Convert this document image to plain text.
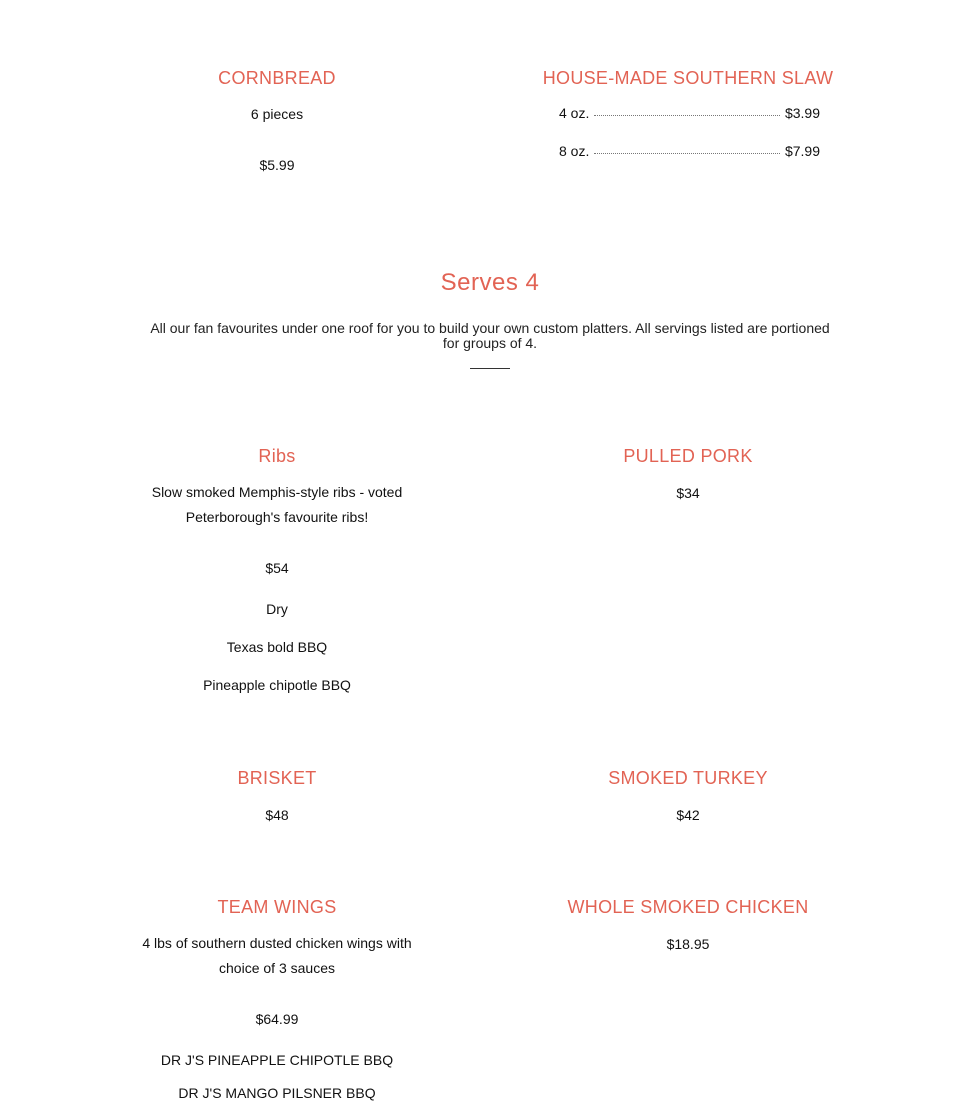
CORNBREAD
6 pieces
$5.99
HOUSE-MADE SOUTHERN SLAW
4 oz.	$3.99
8 oz.	$7.99
Serves 4
All our fan favourites under one roof for you to build your own custom platters. All servings listed are portioned for groups of 4.
Ribs
Slow smoked Memphis-style ribs - voted
Peterborough's favourite ribs!
$54
Dry
Texas bold BBQ
Pineapple chipotle BBQ
PULLED PORK
$34
BRISKET
$48
SMOKED TURKEY
$42
TEAM WINGS
4 lbs of southern dusted chicken wings with
choice of 3 sauces
$64.99
DR J'S PINEAPPLE CHIPOTLE BBQ
DR J'S MANGO PILSNER BBQ
WHOLE SMOKED CHICKEN
$18.95
